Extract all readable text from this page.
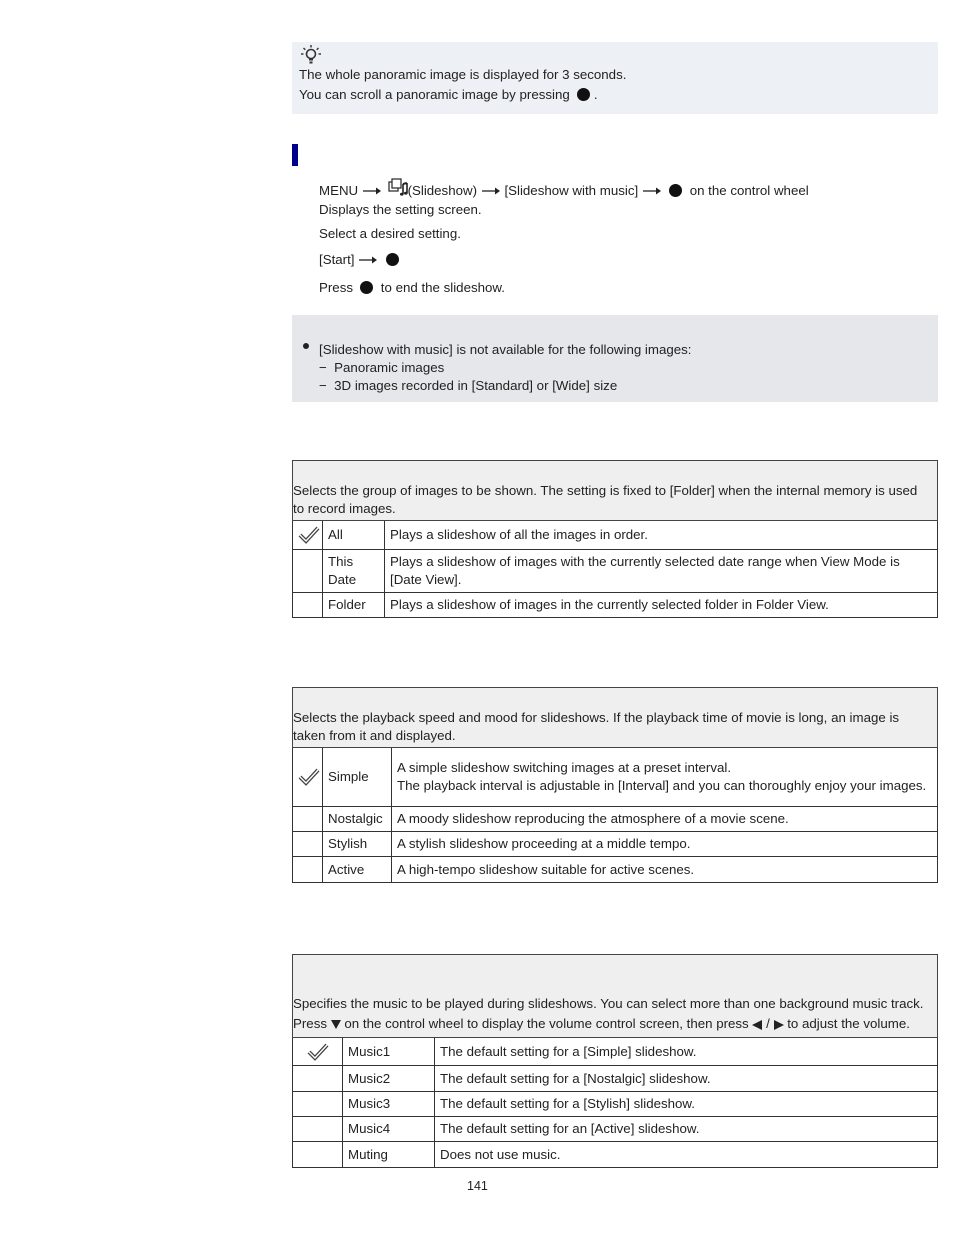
The whole panoramic image is displayed for 3 seconds.
You can scroll a panoramic image by pressing .
MENU	(Slideshow) [Slideshow with music]	on the control wheel
Displays the setting screen.
Select a desired setting.
[Start]
Press to end the slideshow.
[Slideshow with music] is not available for the following images:
−  Panoramic images
−  3D images recorded in [Standard] or [Wide] size
Selects the group of images to be shown. The setting is fixed to [Folder] when the internal memory is used to record images.		

	All	Plays a slideshow of all the images in order.
	This Date	Plays a slideshow of images with the currently selected date range when View Mode is [Date View].
	Folder	Plays a slideshow of images in the currently selected folder in Folder View.
Selects the playback speed and mood for slideshows. If the playback time of movie is long, an image is taken from it and displayed.		

	Simple	A simple slideshow switching images at a preset interval.
The playback interval is adjustable in [Interval] and you can thoroughly enjoy your images.

	Nostalgic	A moody slideshow reproducing the atmosphere of a movie scene.
	Stylish	A stylish slideshow proceeding at a middle tempo.
	Active	A high-tempo slideshow suitable for active scenes.
Specifies the music to be played during slideshows. You can select more than one background music track. Press on the control wheel to display the volume control screen, then press / to adjust the volume.		

	Music1	The default setting for a [Simple] slideshow.
	Music2	The default setting for a [Nostalgic] slideshow.
	Music3	The default setting for a [Stylish] slideshow.
	Music4	The default setting for an [Active] slideshow.
	Muting	Does not use music.
141
